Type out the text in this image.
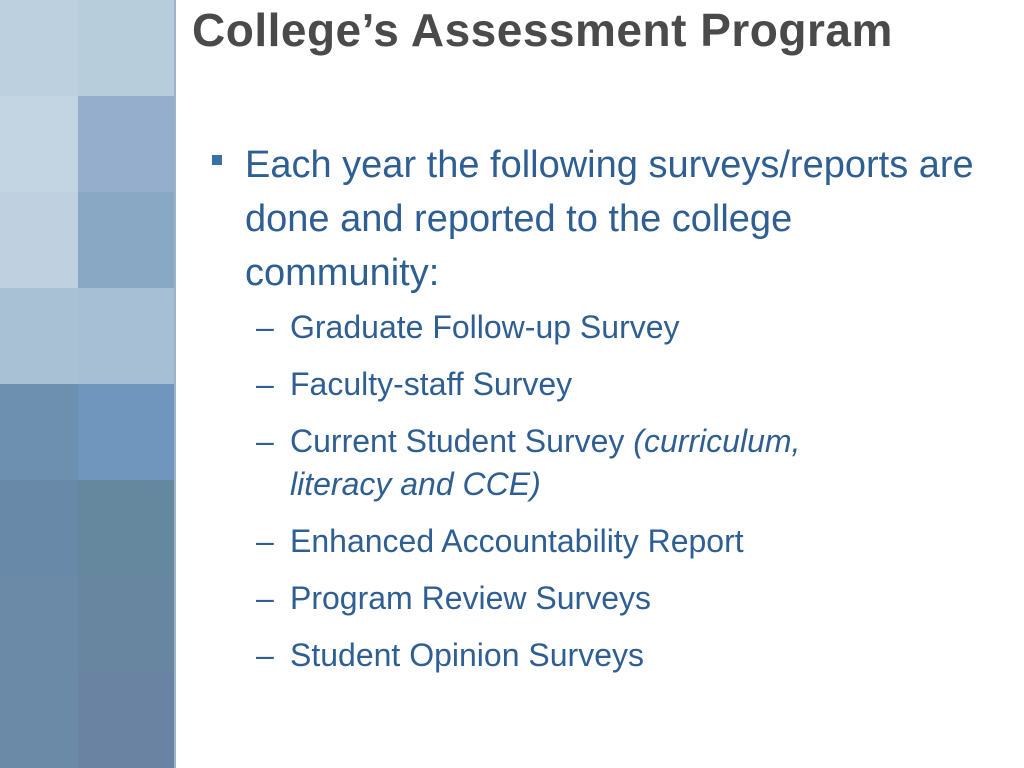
College’s Assessment Program
Each year the following surveys/reports are done and reported to the college community:
– Graduate Follow-up Survey
– Faculty-staff Survey
– Current Student Survey (curriculum, literacy and CCE)
– Enhanced Accountability Report
– Program Review Surveys
– Student Opinion Surveys
